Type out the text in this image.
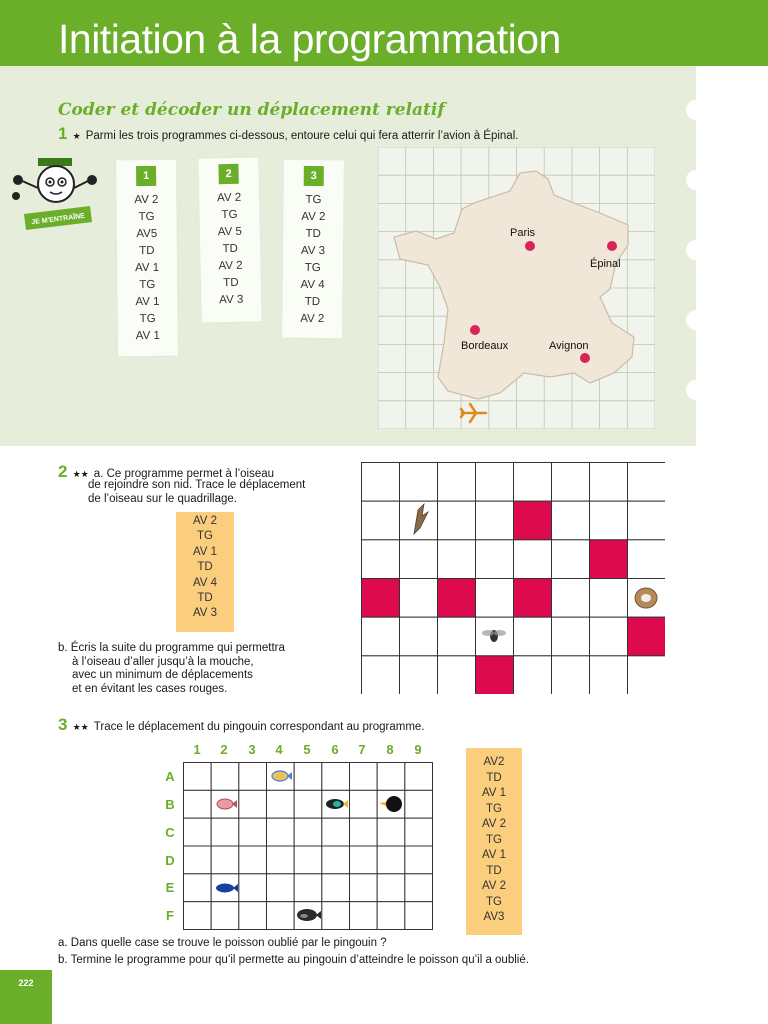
Initiation à la programmation
Coder et décoder un déplacement relatif
1 ★ Parmi les trois programmes ci-dessous, entoure celui qui fera atterrir l’avion à Épinal.
JE M'ENTRAÎNE
1
AV 2
TG
AV5
TD
AV 1
TG
AV 1
TG
AV 1
2
AV 2
TG
AV 5
TD
AV 2
TD
AV 3
3
TG
AV 2
TD
AV 3
TG
AV 4
TD
AV 2
Paris
Épinal
Bordeaux	Avignon
2 ★★ a. Ce programme permet à l’oiseau
de rejoindre son nid. Trace le déplacement
de l’oiseau sur le quadrillage.
AV 2
TG
AV 1
TD
AV 4
TD
AV 3
b. Écris la suite du programme qui permettra
à l’oiseau d’aller jusqu’à la mouche,
avec un minimum de déplacements
et en évitant les cases rouges.
3 ★★ Trace le déplacement du pingouin correspondant au programme.
1	2	3	4	5	6	7	8	9
A
B
C
D
E
F
AV2
TD
AV 1
TG
AV 2
TG
AV 1
TD
AV 2
TG
AV3
a. Dans quelle case se trouve le poisson oublié par le pingouin ?
b. Termine le programme pour qu’il permette au pingouin d’atteindre le poisson qu’il a oublié.
222
